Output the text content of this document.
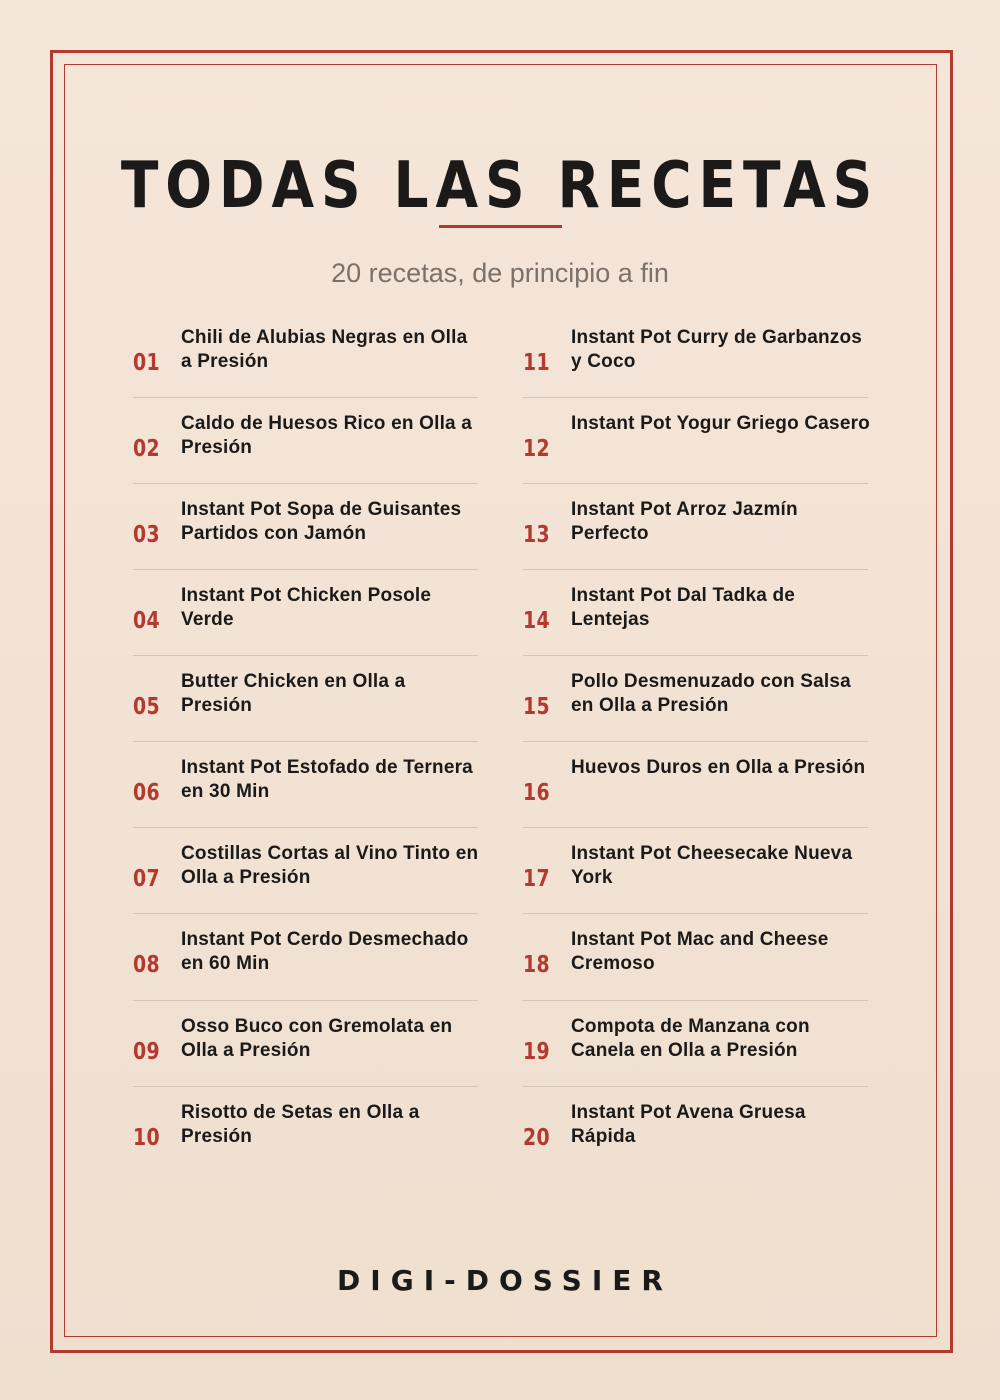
TODAS LAS RECETAS
20 recetas, de principio a fin
01
Chili de Alubias Negras en Olla a Presión
02
Caldo de Huesos Rico en Olla a Presión
03
Instant Pot Sopa de Guisantes Partidos con Jamón
04
Instant Pot Chicken Posole Verde
05
Butter Chicken en Olla a Presión
06
Instant Pot Estofado de Ternera en 30 Min
07
Costillas Cortas al Vino Tinto en Olla a Presión
08
Instant Pot Cerdo Desmechado en 60 Min
09
Osso Buco con Gremolata en Olla a Presión
10
Risotto de Setas en Olla a Presión
11
Instant Pot Curry de Garbanzos y Coco
12
Instant Pot Yogur Griego Casero
13
Instant Pot Arroz Jazmín Perfecto
14
Instant Pot Dal Tadka de Lentejas
15
Pollo Desmenuzado con Salsa en Olla a Presión
16
Huevos Duros en Olla a Presión
17
Instant Pot Cheesecake Nueva York
18
Instant Pot Mac and Cheese Cremoso
19
Compota de Manzana con Canela en Olla a Presión
20
Instant Pot Avena Gruesa Rápida
DIGI-DOSSIER
